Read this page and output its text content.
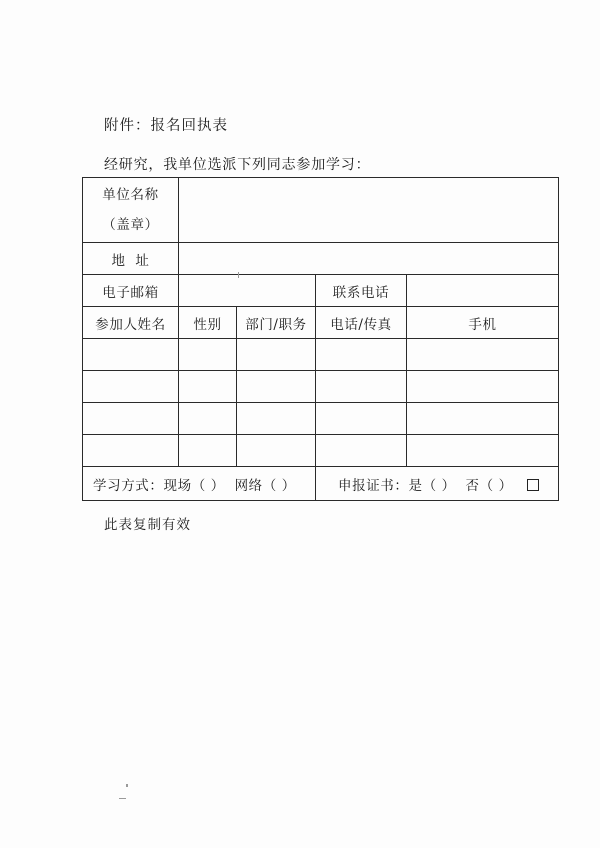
附件：报名回执表
经研究，我单位选派下列同志参加学习：
单位名称
（盖章）				

地  址				
电子邮箱			联系电话	
参加人姓名	性别	部门/职务	电话/传真	手机

学习方式：现场（ ）  网络（ ）			申报证书：是（ ）  否（ ）	
此表复制有效
